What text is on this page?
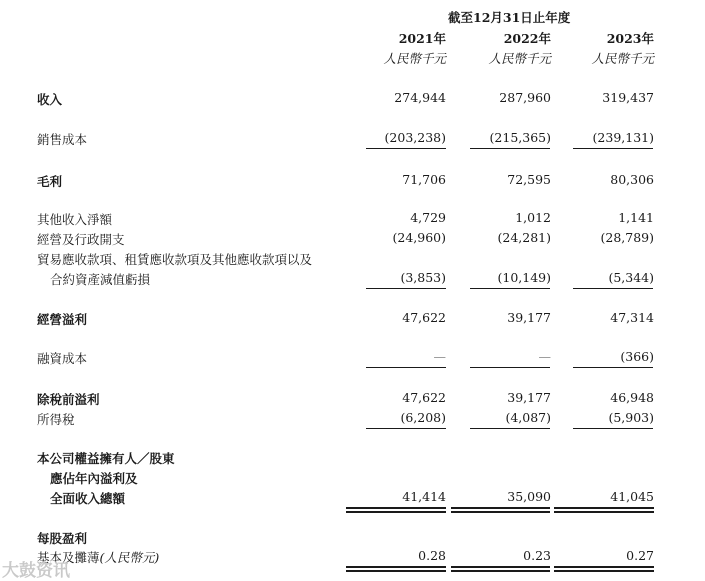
截至12月31日止年度
2021年	2022年	2023年
人民幣千元	人民幣千元	人民幣千元
收入	274,944	287,960	319,437
銷售成本	(203,238)	(215,365)	(239,131)
毛利	71,706	72,595	80,306
其他收入淨額	4,729	1,012	1,141
經營及行政開支	(24,960)	(24,281)	(28,789)
貿易應收款項、租賃應收款項及其他應收款項以及
合約資產減值虧損	(3,853)	(10,149)	(5,344)
經營溢利	47,622	39,177	47,314
融資成本	—	—	(366)
除稅前溢利	47,622	39,177	46,948
所得稅	(6,208)	(4,087)	(5,903)
本公司權益擁有人／股東
應佔年內溢利及
全面收入總額	41,414	35,090	41,045
每股盈利
基本及攤薄(人民幣元)	0.28	0.23	0.27
大鼓资讯
